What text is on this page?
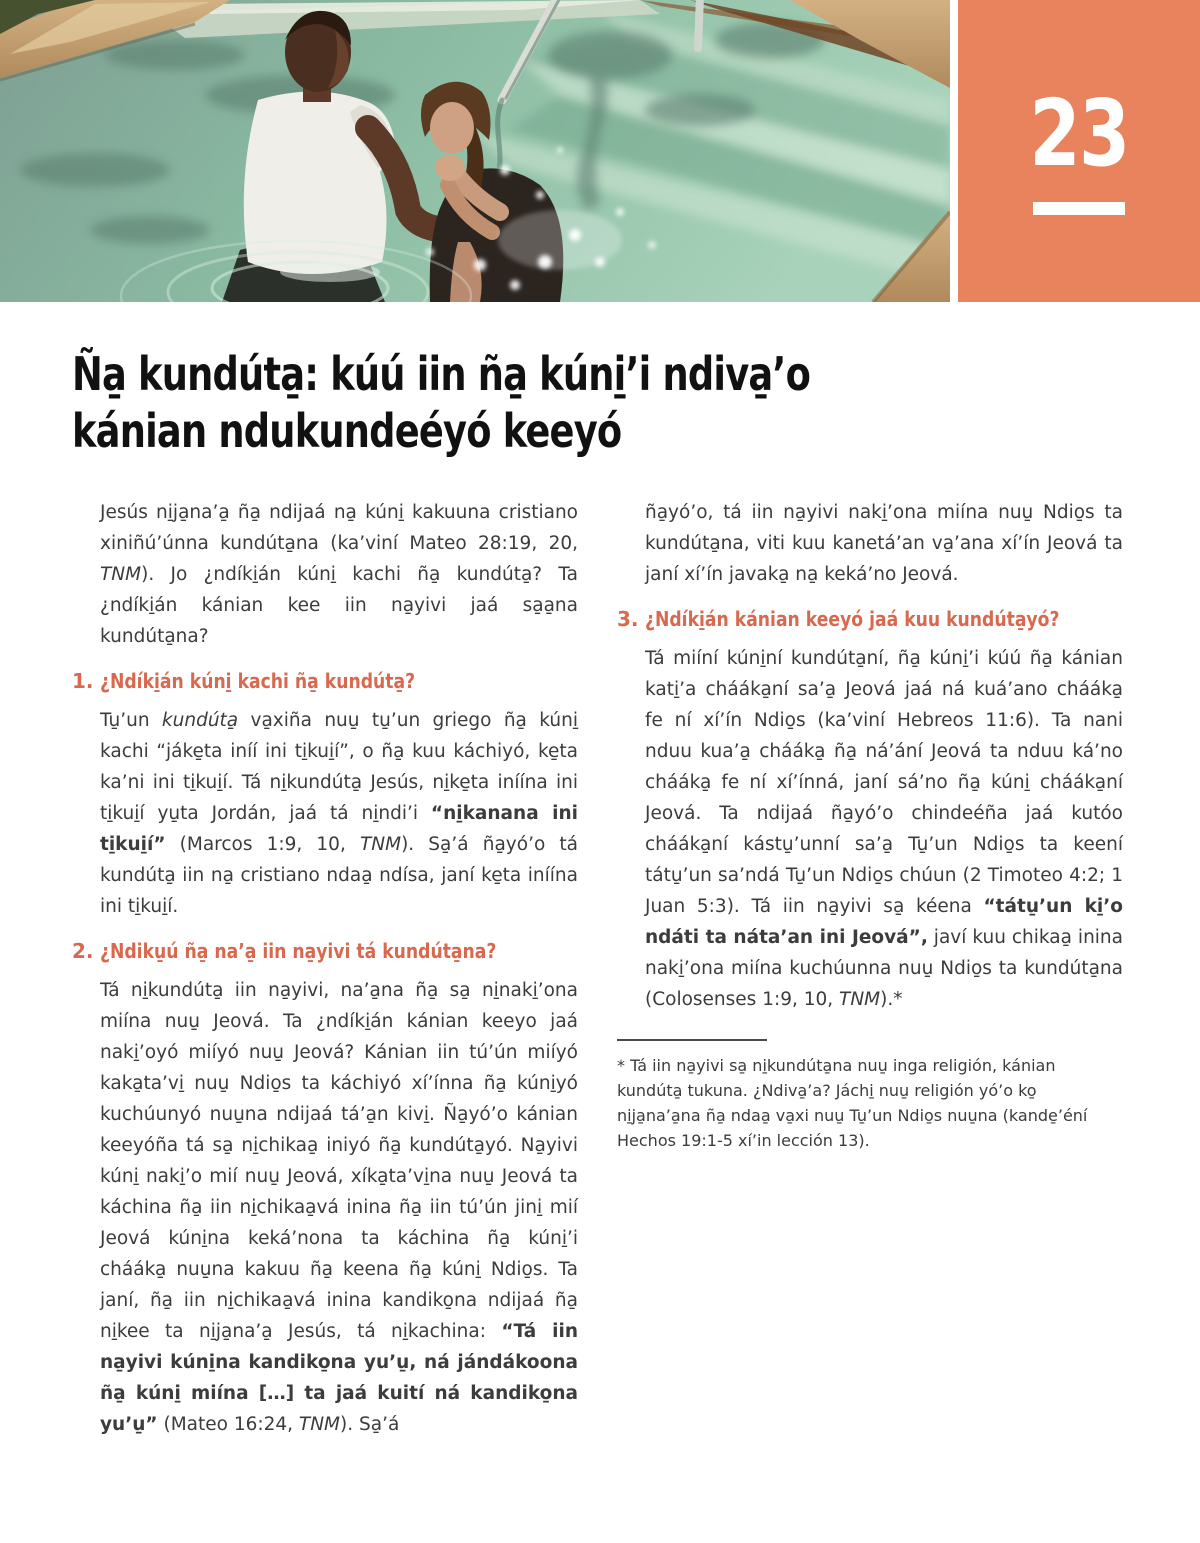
23
Ña̱ kundúta̱: kúú iin ña̱ kúni̱’i ndiva̱’o
kánian ndukundeéyó keeyó

Jesús ni̱ja̱na’a̱ ña̱ ndijaá na̱ kúni̱ kakuuna cristiano xiniñú’únna kundúta̱na (ka’viní Mateo 28:19, 20, TNM). Jo ¿ndíki̱án kúni̱ kachi ña̱ kundúta̱? Ta ¿ndíki̱án kánian kee iin na̱yivi jaá sa̱a̱na kundúta̱na?

1. ¿Ndíki̱án kúni̱ kachi ña̱ kundúta̱?

Tu̱’un kundúta̱ va̱xiña nuu̱ tu̱’un griego ña̱ kúni̱ kachi “jáke̱ta iníí ini ti̱kui̱í”, o ña̱ kuu káchiyó, ke̱ta ka’ni ini ti̱kui̱í. Tá ni̱kundúta̱ Jesús, ni̱ke̱ta iníína ini ti̱kui̱í yu̱ta Jordán, jaá tá ni̱ndi’i “ni̱kanana ini ti̱kui̱í” (Marcos 1:9, 10, TNM). Sa̱’á ña̱yó’o tá kundúta̱ iin na̱ cristiano ndaa̱ ndísa, janí ke̱ta iníína ini ti̱kui̱í.

2. ¿Ndiku̱ú ña̱ na’a̱ iin na̱yivi tá kundúta̱na?

Tá ni̱kundúta̱ iin na̱yivi, na’a̱na ña̱ sa̱ ni̱naki̱’ona miína nuu̱ Jeová. Ta ¿ndíki̱án kánian keeyo jaá naki̱’oyó miíyó nuu̱ Jeová? Kánian iin tú’ún miíyó kaka̱ta’vi̱ nuu̱ Ndio̱s ta káchiyó xí’ínna ña̱ kúni̱yó kuchúunyó nuu̱na ndijaá tá’a̱n kivi̱. Ña̱yó’o kánian keeyóña tá sa̱ ni̱chikaa̱ iniyó ña̱ kundúta̱yó. Na̱yivi kúni̱ naki̱’o mií nuu̱ Jeová, xíka̱ta’vi̱na nuu̱ Jeová ta káchina ña̱ iin ni̱chikaa̱vá inina ña̱ iin tú’ún jini̱ mií Jeová kúni̱na keká’nona ta káchina ña̱ kúni̱’i chááka̱ nuu̱na kakuu ña̱ keena ña̱ kúni̱ Ndio̱s. Ta janí, ña̱ iin ni̱chikaa̱vá inina kandiko̱na ndijaá ña̱ ni̱kee ta ni̱ja̱na’a̱ Jesús, tá ni̱kachina: “Tá iin na̱yivi kúni̱na kandiko̱na yu’u̱, ná jándákoona ña̱ kúni̱ miína […] ta jaá kuití ná kandiko̱na yu’u̱” (Mateo 16:24, TNM). Sa̱’á

ña̱yó’o, tá iin na̱yivi naki̱’ona miína nuu̱ Ndio̱s ta kundúta̱na, viti kuu kanetá’an va̱’ana xí’ín Jeová ta janí xí’ín javaka̱ na̱ keká’no Jeová.

3. ¿Ndíki̱án kánian keeyó jaá kuu kundúta̱yó?

Tá miíní kúni̱ní kundúta̱ní, ña̱ kúni̱’i kúú ña̱ kánian kati̱’a chááka̱ní sa’a̱ Jeová jaá ná kuá’ano chááka̱ fe ní xí’ín Ndio̱s (ka’viní Hebreos 11:6). Ta nani nduu kua’a̱ chááka̱ ña̱ ná’ání Jeová ta nduu ká’no chááka̱ fe ní xí’ínná, janí sá’no ña̱ kúni̱ chááka̱ní Jeová. Ta ndijaá ña̱yó’o chindeéña jaá kutóo chááka̱ní kástu̱’unní sa’a̱ Tu̱’un Ndio̱s ta keení tátu̱’un sa’ndá Tu̱’un Ndio̱s chúun (2 Timoteo 4:2; 1 Juan 5:3). Tá iin na̱yivi sa̱ kéena “tátu̱’un ki̱’o ndáti ta náta’an ini Jeová”, javí kuu chikaa̱ inina naki̱’ona miína kuchúunna nuu̱ Ndio̱s ta kundúta̱na (Colosenses 1:9, 10, TNM).*

* Tá iin na̱yivi sa̱ ni̱kundúta̱na nuu̱ inga religión, kánian kundúta̱ tukuna. ¿Ndiva̱’a? Jáchi̱ nuu̱ religión yó’o ko̱ ni̱ja̱na’a̱na ña̱ ndaa̱ va̱xi nuu̱ Tu̱’un Ndio̱s nuu̱na (kande̱’éní Hechos 19:1-5 xí’in lección 13).
